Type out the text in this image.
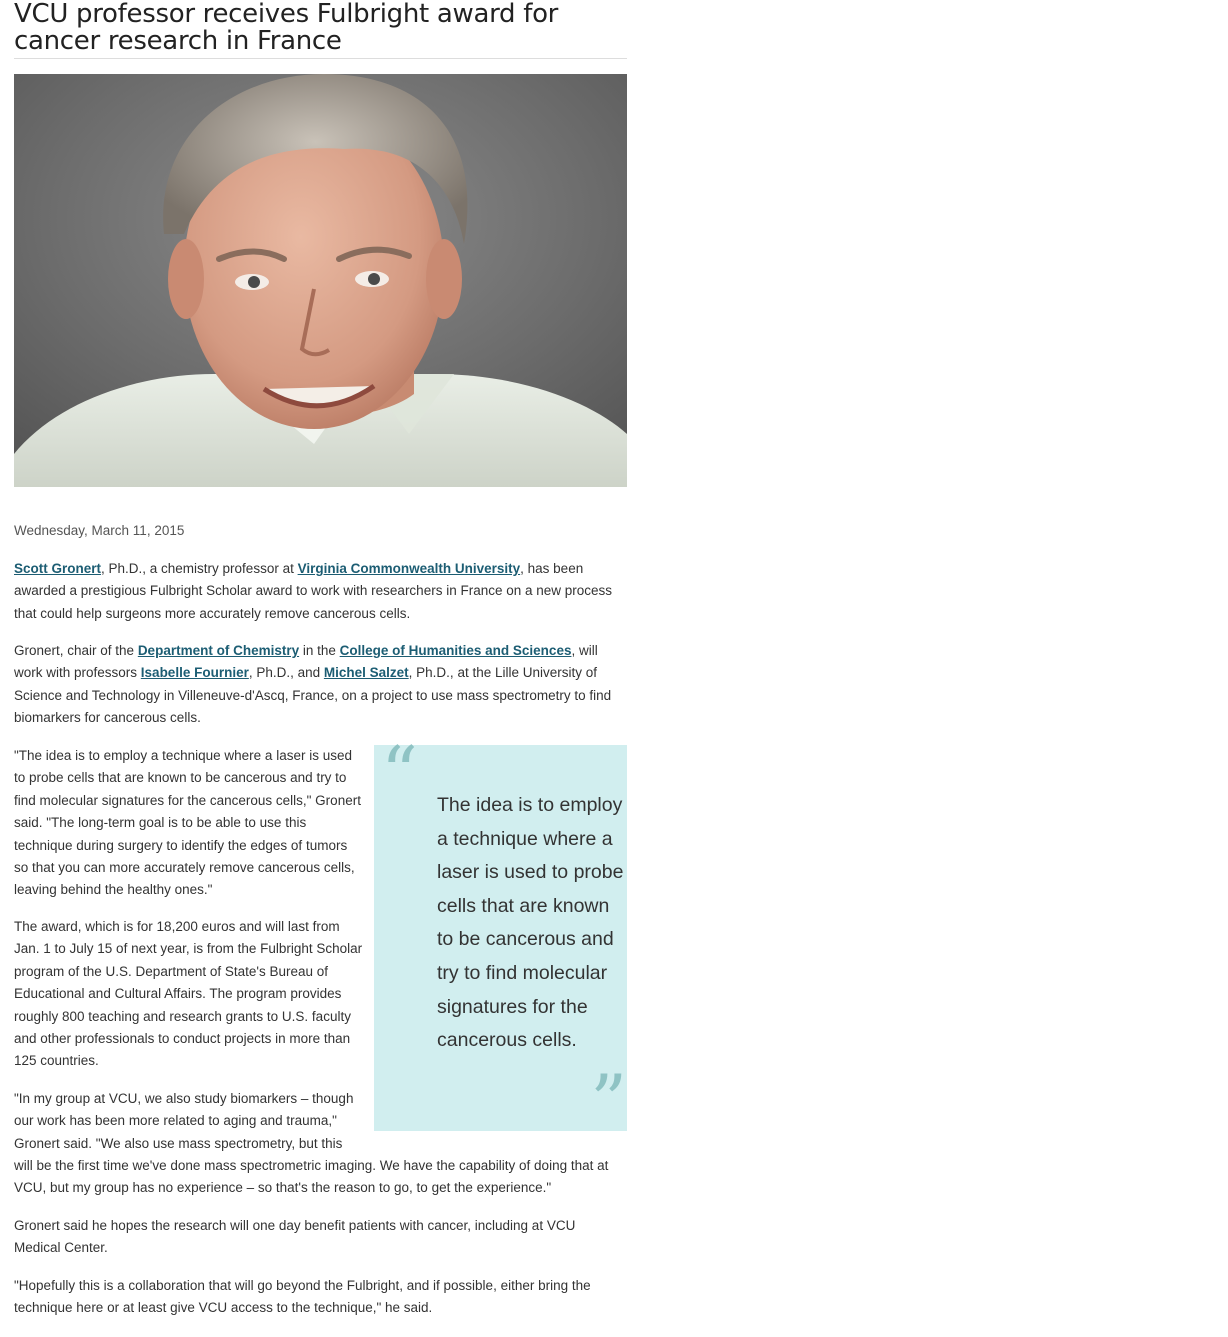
VCU professor receives Fulbright award for cancer research in France
Wednesday, March 11, 2015

Scott Gronert, Ph.D., a chemistry professor at Virginia Commonwealth University, has been awarded a prestigious Fulbright Scholar award to work with researchers in France on a new process that could help surgeons more accurately remove cancerous cells.

Gronert, chair of the Department of Chemistry in the College of Humanities and Sciences, will work with professors Isabelle Fournier, Ph.D., and Michel Salzet, Ph.D., at the Lille University of Science and Technology in Villeneuve-d'Ascq, France, on a project to use mass spectrometry to find biomarkers for cancerous cells.

"The idea is to employ a technique where a laser is used to probe cells that are known to be cancerous and try to find molecular signatures for the cancerous cells," Gronert said. "The long-term goal is to be able to use this technique during surgery to identify the edges of tumors so that you can more accurately remove cancerous cells, leaving behind the healthy ones."

The award, which is for 18,200 euros and will last from Jan. 1 to July 15 of next year, is from the Fulbright Scholar program of the U.S. Department of State's Bureau of Educational and Cultural Affairs. The program provides roughly 800 teaching and research grants to U.S. faculty and other professionals to conduct projects in more than 125 countries.

"In my group at VCU, we also study biomarkers – though our work has been more related to aging and trauma," Gronert said. "We also use mass spectrometry, but this

will be the first time we've done mass spectrometric imaging. We have the capability of doing that at VCU, but my group has no experience – so that's the reason to go, to get the experience."

Gronert said he hopes the research will one day benefit patients with cancer, including at VCU Medical Center.

"Hopefully this is a collaboration that will go beyond the Fulbright, and if possible, either bring the technique here or at least give VCU access to the technique," he said.

“ The idea is to employ a technique where a laser is used to probe cells that are known to be cancerous and try to find molecular signatures for the cancerous cells.
”
